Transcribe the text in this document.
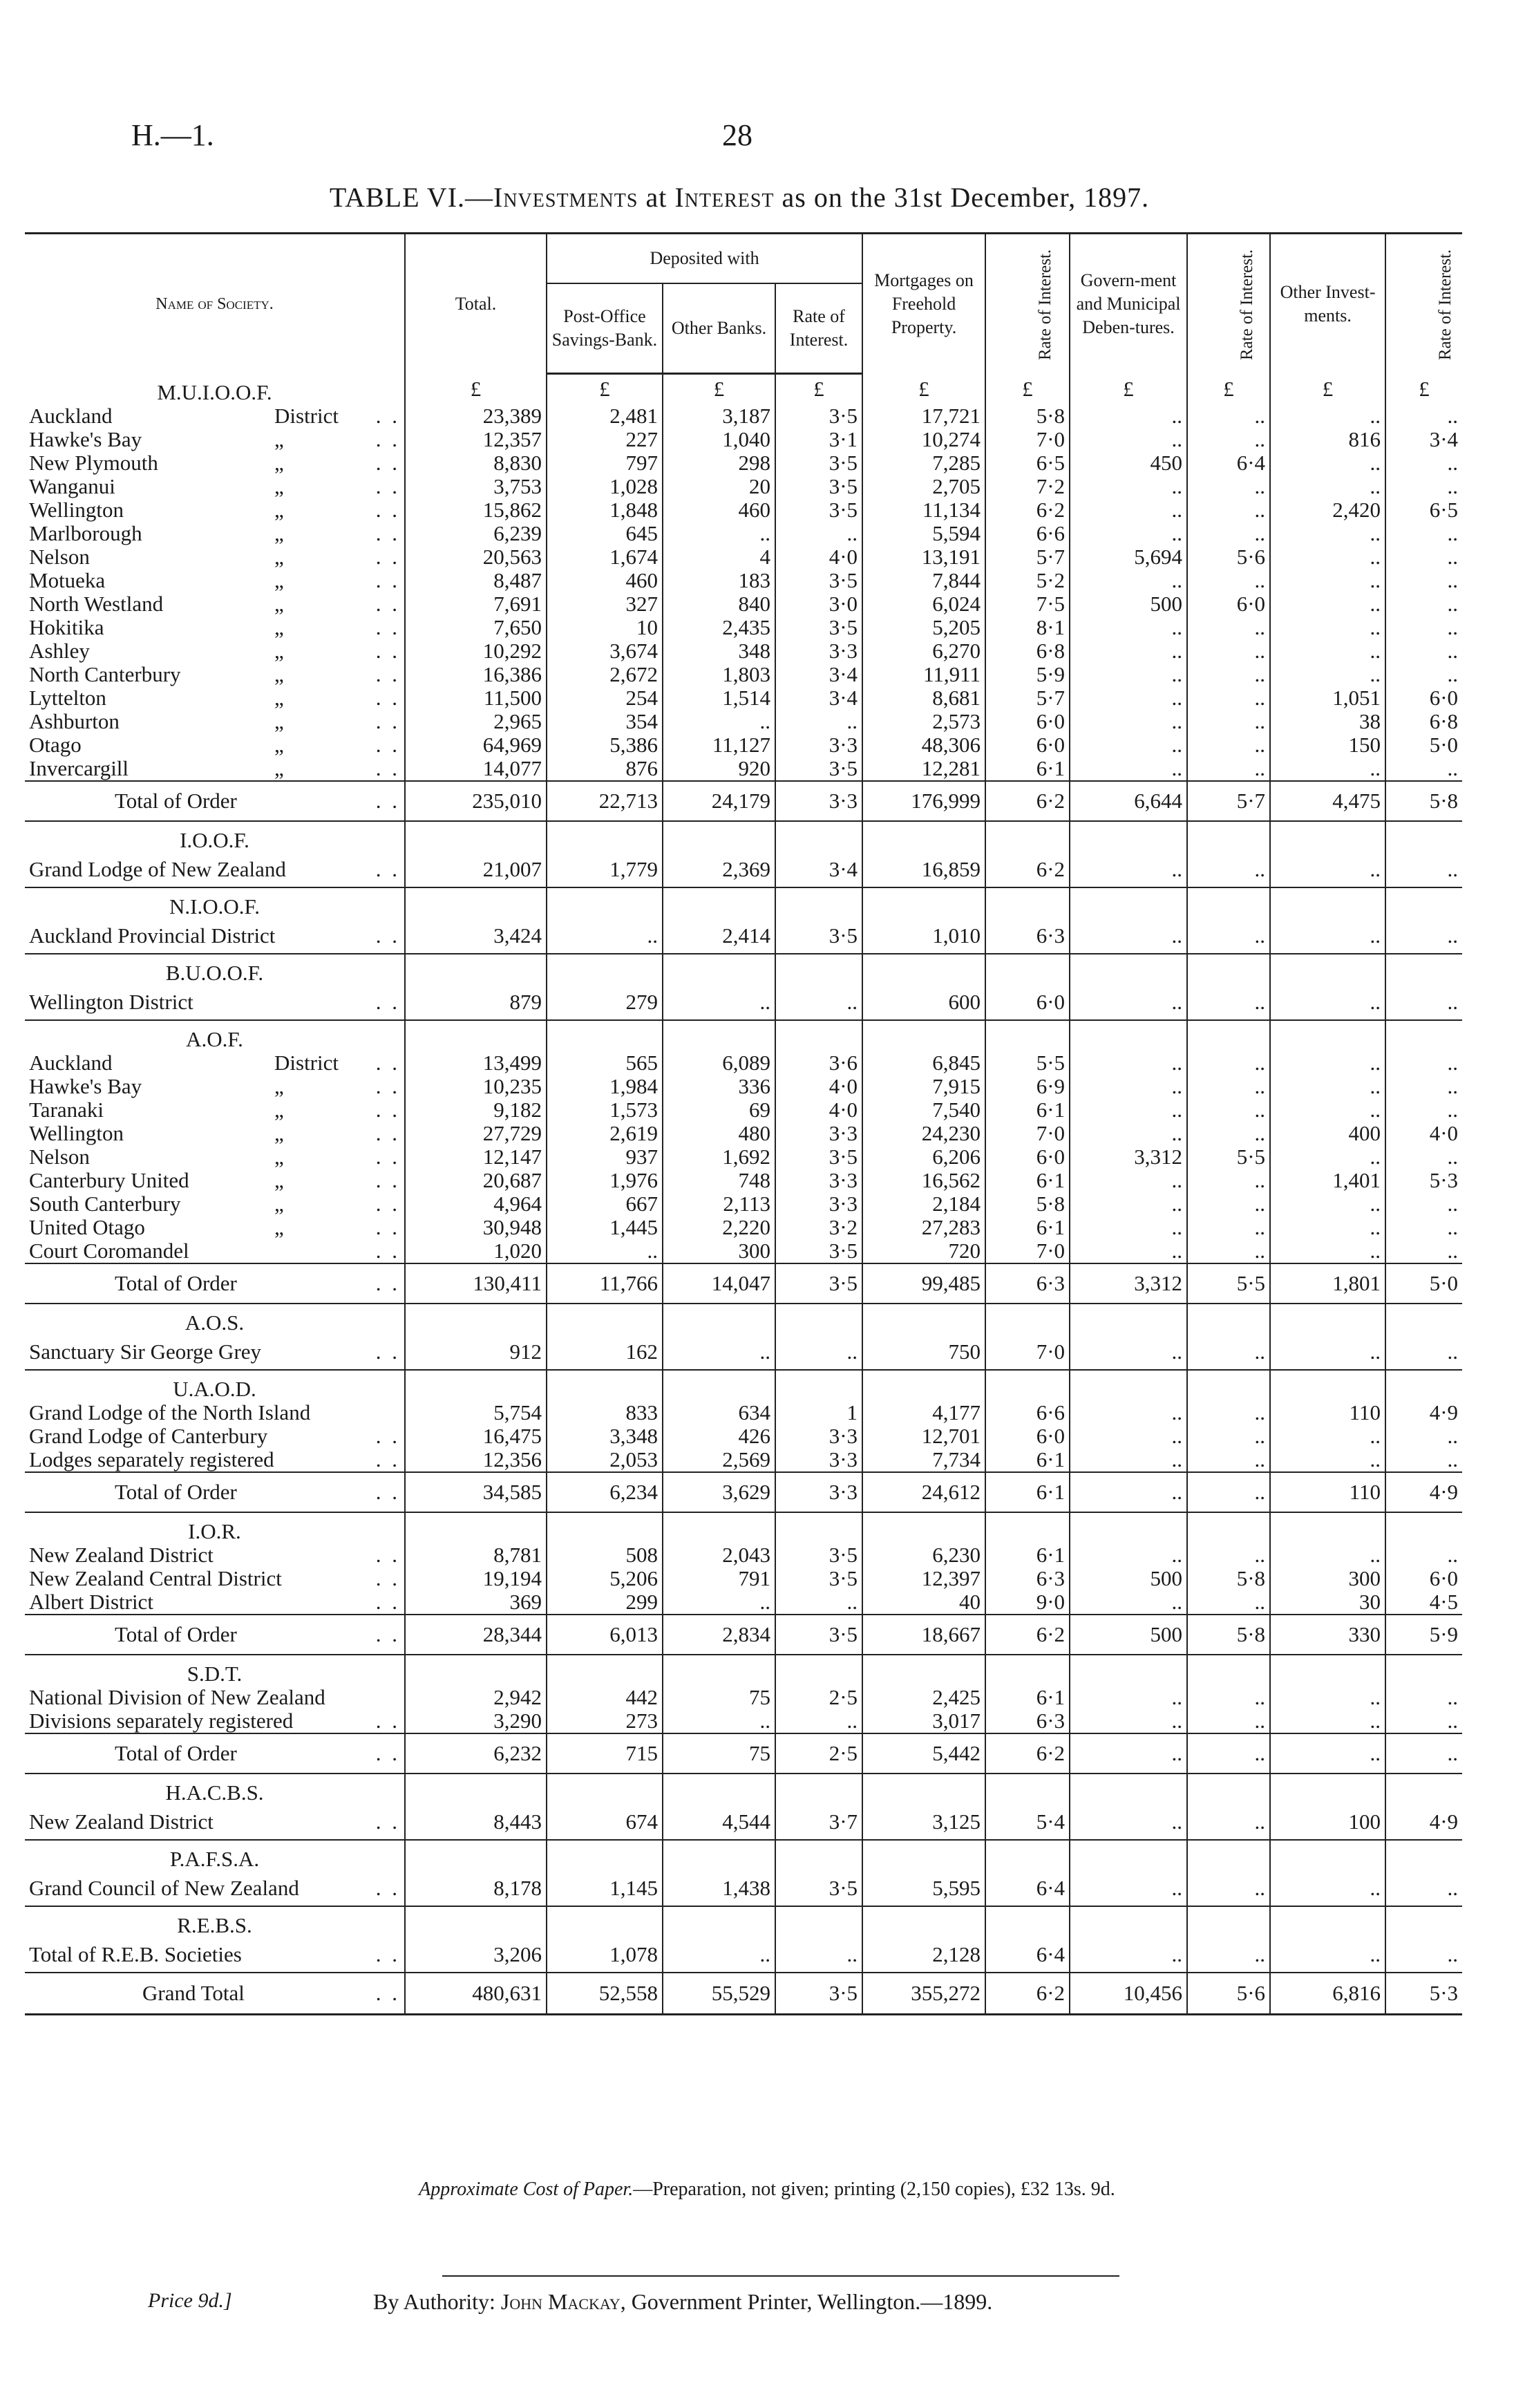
H.—1.	28
TABLE VI.—Investments at Interest as on the 31st December, 1897.
Name of Society.	Total.	Deposited with			Mortgages on Freehold Property.	Rate of Interest.	Govern-ment and Municipal Deben-tures.	Rate of Interest.	Other Invest-ments.	Rate of Interest.
		Post-Office Savings-Bank.	Other Banks.	Rate of Interest.						
M.U.I.O.O.F.	£	£	£	£	£	£	£	£	£	£
Auckland District . .	23,389	2,481	3,187	3·5	17,721	5·8	..	..	..	..
Hawke's Bay „ . .	12,357	227	1,040	3·1	10,274	7·0	..	..	816	3·4
New Plymouth „ . .	8,830	797	298	3·5	7,285	6·5	450	6·4	..	..
Wanganui „ . .	3,753	1,028	20	3·5	2,705	7·2	..	..	..	..
Wellington „ . .	15,862	1,848	460	3·5	11,134	6·2	..	..	2,420	6·5
Marlborough „ . .	6,239	645	..	..	5,594	6·6	..	..	..	..
Nelson „ . .	20,563	1,674	4	4·0	13,191	5·7	5,694	5·6	..	..
Motueka „ . .	8,487	460	183	3·5	7,844	5·2	..	..	..	..
North Westland „ . .	7,691	327	840	3·0	6,024	7·5	500	6·0	..	..
Hokitika „ . .	7,650	10	2,435	3·5	5,205	8·1	..	..	..	..
Ashley „ . .	10,292	3,674	348	3·3	6,270	6·8	..	..	..	..
North Canterbury „ . .	16,386	2,672	1,803	3·4	11,911	5·9	..	..	..	..
Lyttelton „ . .	11,500	254	1,514	3·4	8,681	5·7	..	..	1,051	6·0
Ashburton „ . .	2,965	354	..	..	2,573	6·0	..	..	38	6·8
Otago „ . .	64,969	5,386	11,127	3·3	48,306	6·0	..	..	150	5·0
Invercargill „ . .	14,077	876	920	3·5	12,281	6·1	..	..	..	..
Total of Order . .	235,010	22,713	24,179	3·3	176,999	6·2	6,644	5·7	4,475	5·8
I.O.O.F.										
Grand Lodge of New Zealand . .	21,007	1,779	2,369	3·4	16,859	6·2	..	..	..	..
N.I.O.O.F.										
Auckland Provincial District . .	3,424	..	2,414	3·5	1,010	6·3	..	..	..	..
B.U.O.O.F.										
Wellington District . .	879	279	..	..	600	6·0	..	..	..	..
A.O.F.										
Auckland District . .	13,499	565	6,089	3·6	6,845	5·5	..	..	..	..
Hawke's Bay „ . .	10,235	1,984	336	4·0	7,915	6·9	..	..	..	..
Taranaki „ . .	9,182	1,573	69	4·0	7,540	6·1	..	..	..	..
Wellington „ . .	27,729	2,619	480	3·3	24,230	7·0	..	..	400	4·0
Nelson „ . .	12,147	937	1,692	3·5	6,206	6·0	3,312	5·5	..	..
Canterbury United „ . .	20,687	1,976	748	3·3	16,562	6·1	..	..	1,401	5·3
South Canterbury „ . .	4,964	667	2,113	3·3	2,184	5·8	..	..	..	..
United Otago „ . .	30,948	1,445	2,220	3·2	27,283	6·1	..	..	..	..
Court Coromandel . .	1,020	..	300	3·5	720	7·0	..	..	..	..
Total of Order . .	130,411	11,766	14,047	3·5	99,485	6·3	3,312	5·5	1,801	5·0
A.O.S.										
Sanctuary Sir George Grey . .	912	162	..	..	750	7·0	..	..	..	..
U.A.O.D.										
Grand Lodge of the North Island	5,754	833	634	1	4,177	6·6	..	..	110	4·9
Grand Lodge of Canterbury . .	16,475	3,348	426	3·3	12,701	6·0	..	..	..	..
Lodges separately registered . .	12,356	2,053	2,569	3·3	7,734	6·1	..	..	..	..
Total of Order . .	34,585	6,234	3,629	3·3	24,612	6·1	..	..	110	4·9
I.O.R.										
New Zealand District . .	8,781	508	2,043	3·5	6,230	6·1	..	..	..	..
New Zealand Central District . .	19,194	5,206	791	3·5	12,397	6·3	500	5·8	300	6·0
Albert District . .	369	299	..	..	40	9·0	..	..	30	4·5
Total of Order . .	28,344	6,013	2,834	3·5	18,667	6·2	500	5·8	330	5·9
S.D.T.										
National Division of New Zealand	2,942	442	75	2·5	2,425	6·1	..	..	..	..
Divisions separately registered . .	3,290	273	..	..	3,017	6·3	..	..	..	..
Total of Order . .	6,232	715	75	2·5	5,442	6·2	..	..	..	..
H.A.C.B.S.										
New Zealand District . .	8,443	674	4,544	3·7	3,125	5·4	..	..	100	4·9
P.A.F.S.A.										
Grand Council of New Zealand . .	8,178	1,145	1,438	3·5	5,595	6·4	..	..	..	..
R.E.B.S.										
Total of R.E.B. Societies . .	3,206	1,078	..	..	2,128	6·4	..	..	..	..
Grand Total . .	480,631	52,558	55,529	3·5	355,272	6·2	10,456	5·6	6,816	5·3
Approximate Cost of Paper.—Preparation, not given; printing (2,150 copies), £32 13s. 9d.
Price 9d.]	By Authority: John Mackay, Government Printer, Wellington.—1899.
